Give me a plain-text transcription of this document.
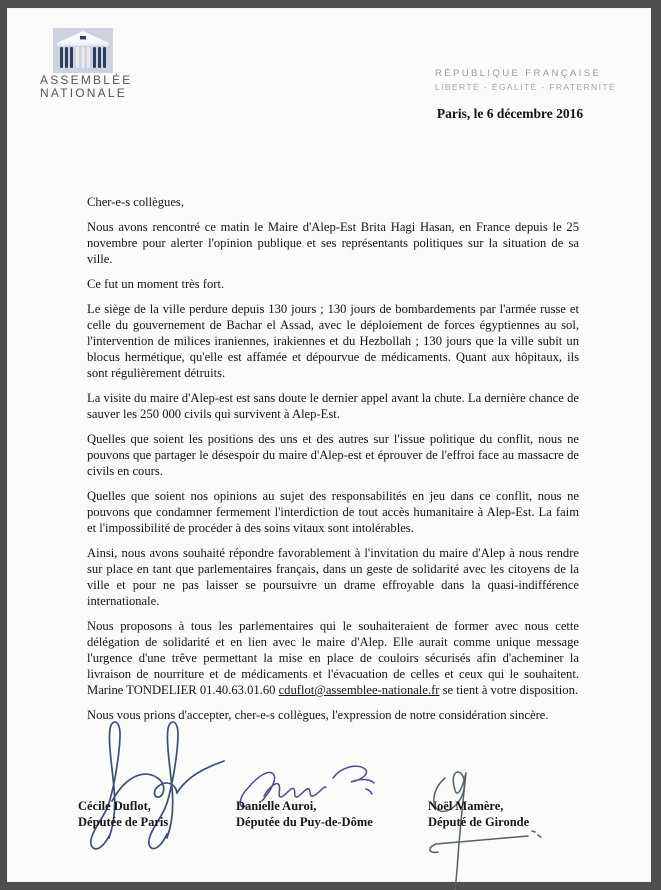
ASSEMBLÉE
NATIONALE
RÉPUBLIQUE FRANÇAISE
LIBERTÉ - ÉGALITÉ - FRATERNITÉ
Paris, le 6 décembre 2016

Cher-e-s collègues,

Nous avons rencontré ce matin le Maire d'Alep-Est Brita Hagi Hasan, en France depuis le 25 novembre pour alerter l'opinion publique et ses représentants politiques sur la situation de sa ville.

Ce fut un moment très fort.

Le siège de la ville perdure depuis 130 jours ; 130 jours de bombardements par l'armée russe et celle du gouvernement de Bachar el Assad, avec le déploiement de forces égyptiennes au sol, l'intervention de milices iraniennes, irakiennes et du Hezbollah ; 130 jours que la ville subit un blocus hermétique, qu'elle est affamée et dépourvue de médicaments. Quant aux hôpitaux, ils sont régulièrement détruits.

La visite du maire d'Alep-est est sans doute le dernier appel avant la chute. La dernière chance de sauver les 250 000 civils qui survivent à Alep-Est.

Quelles que soient les positions des uns et des autres sur l'issue politique du conflit, nous ne pouvons que partager le désespoir du maire d'Alep-est et éprouver de l'effroi face au massacre de civils en cours.

Quelles que soient nos opinions au sujet des responsabilités en jeu dans ce conflit, nous ne pouvons que condamner fermement l'interdiction de tout accès humanitaire à Alep-Est. La faim et l'impossibilité de procéder à des soins vitaux sont intolérables.

Ainsi, nous avons souhaité répondre favorablement à l'invitation du maire d'Alep à nous rendre sur place en tant que parlementaires français, dans un geste de solidarité avec les citoyens de la ville et pour ne pas laisser se poursuivre un drame effroyable dans la quasi-indifférence internationale.

Nous proposons à tous les parlementaires qui le souhaiteraient de former avec nous cette délégation de solidarité et en lien avec le maire d'Alep. Elle aurait comme unique message l'urgence d'une trêve permettant la mise en place de couloirs sécurisés afin d'acheminer la livraison de nourriture et de médicaments et l'évacuation de celles et ceux qui le souhaitent. Marine TONDELIER 01.40.63.01.60 cduflot@assemblee-nationale.fr se tient à votre disposition.

Nous vous prions d'accepter, cher-e-s collègues, l'expression de notre considération sincère.

Cécile Duflot,
Députée de Paris
Danielle Auroi,
Députée du Puy-de-Dôme
Noël Mamère,
Député de Gironde
